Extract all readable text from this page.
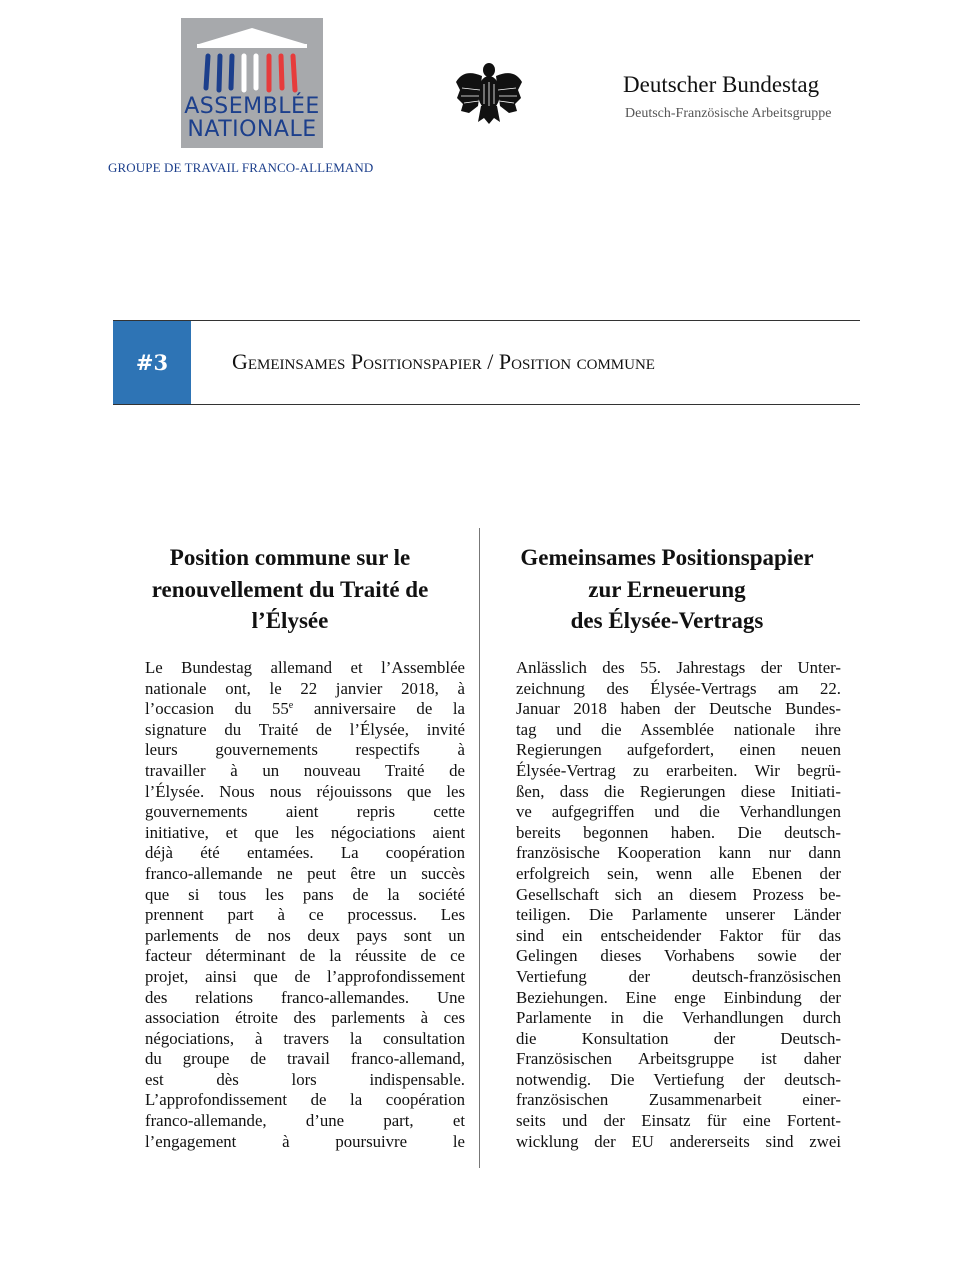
ASSEMBLÉE
NATIONALE
GROUPE DE TRAVAIL FRANCO-ALLEMAND
Deutscher Bundestag
Deutsch-Französische Arbeitsgruppe
#3	Gemeinsames Positionspapier / Position commune
Position commune sur le
renouvellement du Traité de
l’Élysée
Le Bundestag allemand et l’Assemblée
nationale ont, le 22 janvier 2018, à
l’occasion du 55e anniversaire de la
signature du Traité de l’Élysée, invité
leurs gouvernements respectifs à
travailler à un nouveau Traité de
l’Élysée. Nous nous réjouissons que les
gouvernements aient repris cette
initiative, et que les négociations aient
déjà été entamées. La coopération
franco-allemande ne peut être un succès
que si tous les pans de la société
prennent part à ce processus. Les
parlements de nos deux pays sont un
facteur déterminant de la réussite de ce
projet, ainsi que de l’approfondissement
des relations franco-allemandes. Une
association étroite des parlements à ces
négociations, à travers la consultation
du groupe de travail franco-allemand,
est dès lors indispensable.
L’approfondissement de la coopération
franco-allemande, d’une part, et
l’engagement à poursuivre le
Gemeinsames Positionspapier
zur Erneuerung
des Élysée-Vertrags
Anlässlich des 55. Jahrestags der Unter-
zeichnung des Élysée-Vertrags am 22.
Januar 2018 haben der Deutsche Bundes-
tag und die Assemblée nationale ihre
Regierungen aufgefordert, einen neuen
Élysée-Vertrag zu erarbeiten. Wir begrü-
ßen, dass die Regierungen diese Initiati-
ve aufgegriffen und die Verhandlungen
bereits begonnen haben. Die deutsch-
französische Kooperation kann nur dann
erfolgreich sein, wenn alle Ebenen der
Gesellschaft sich an diesem Prozess be-
teiligen. Die Parlamente unserer Länder
sind ein entscheidender Faktor für das
Gelingen dieses Vorhabens sowie der
Vertiefung der deutsch-französischen
Beziehungen. Eine enge Einbindung der
Parlamente in die Verhandlungen durch
die Konsultation der Deutsch-
Französischen Arbeitsgruppe ist daher
notwendig. Die Vertiefung der deutsch-
französischen Zusammenarbeit einer-
seits und der Einsatz für eine Fortent-
wicklung der EU andererseits sind zwei
